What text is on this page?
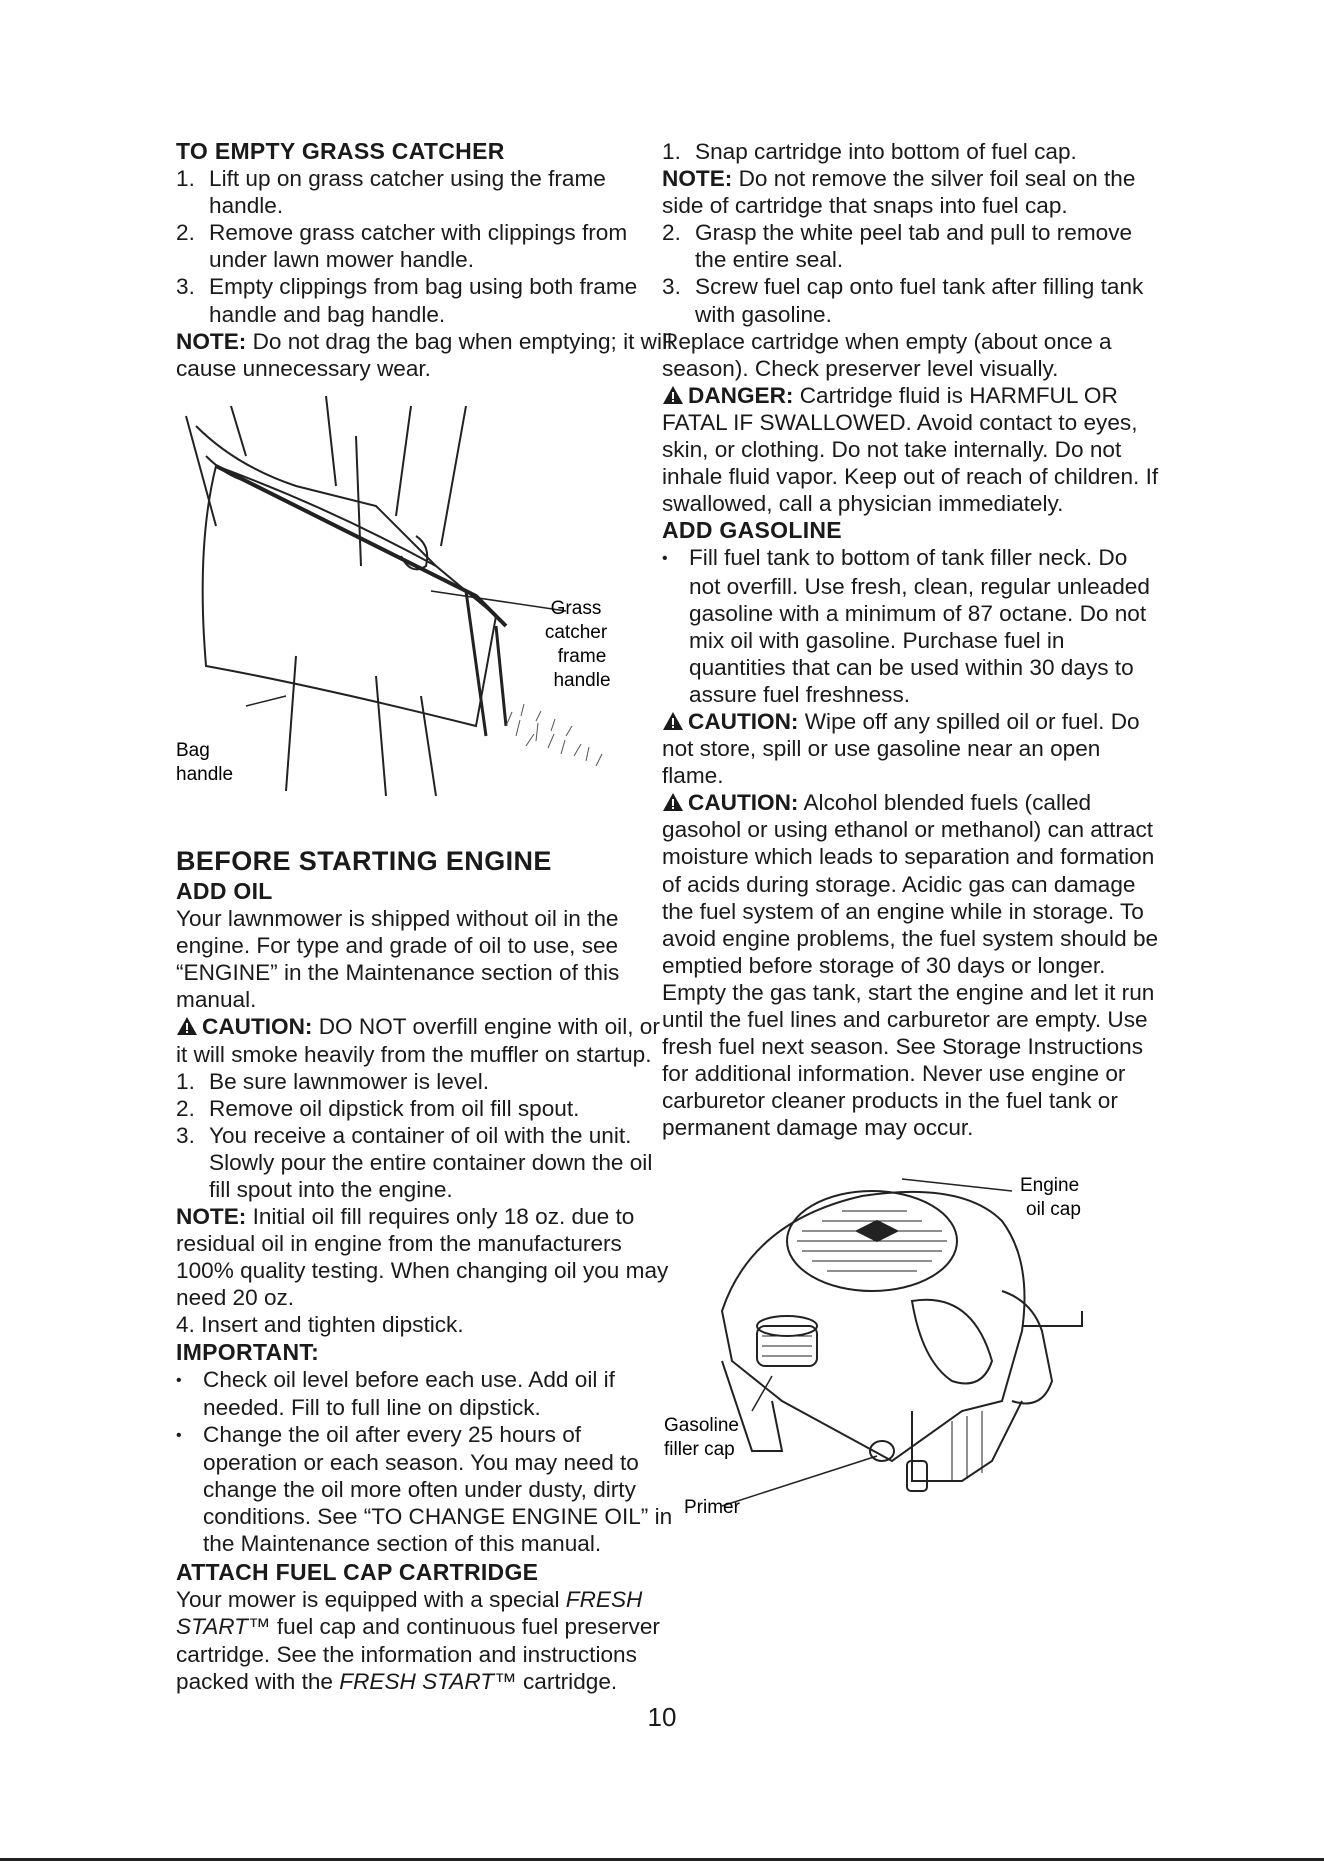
TO EMPTY GRASS CATCHER
1. Lift up on grass catcher using the frame handle.
2. Remove grass catcher with clippings from under lawn mower handle.
3. Empty clippings from bag using both frame handle and bag handle.

NOTE: Do not drag the bag when emptying; it will cause unnecessary wear.

Grass
catcher
frame
handle
Bag
handle
BEFORE STARTING ENGINE
ADD OIL

Your lawnmower is shipped without oil in the engine. For type and grade of oil to use, see “ENGINE” in the Maintenance section of this manual.

CAUTION: DO NOT overfill engine with oil, or it will smoke heavily from the muffler on startup.

1. Be sure lawnmower is level.
2. Remove oil dipstick from oil fill spout.
3. You receive a container of oil with the unit. Slowly pour the entire container down the oil fill spout into the engine.

NOTE: Initial oil fill requires only 18 oz. due to residual oil in engine from the manufacturers 100% quality testing. When changing oil you may need 20 oz.

4. Insert and tighten dipstick.

IMPORTANT:
• Check oil level before each use. Add oil if needed. Fill to full line on dipstick.
• Change the oil after every 25 hours of operation or each season. You may need to change the oil more often under dusty, dirty conditions. See “TO CHANGE ENGINE OIL” in the Maintenance section of this manual.
ATTACH FUEL CAP CARTRIDGE

Your mower is equipped with a special FRESH START™ fuel cap and continuous fuel preserver cartridge. See the information and instructions packed with the FRESH START™ cartridge.

1. Snap cartridge into bottom of fuel cap.

NOTE: Do not remove the silver foil seal on the side of cartridge that snaps into fuel cap.

2. Grasp the white peel tab and pull to remove the entire seal.
3. Screw fuel cap onto fuel tank after filling tank with gasoline.

Replace cartridge when empty (about once a season). Check preserver level visually.

DANGER: Cartridge fluid is HARMFUL OR FATAL IF SWALLOWED. Avoid contact to eyes, skin, or clothing. Do not take internally. Do not inhale fluid vapor. Keep out of reach of children. If swallowed, call a physician immediately.

ADD GASOLINE
• Fill fuel tank to bottom of tank filler neck. Do not overfill. Use fresh, clean, regular unleaded gasoline with a minimum of 87 octane. Do not mix oil with gasoline. Purchase fuel in quantities that can be used within 30 days to assure fuel freshness.

CAUTION: Wipe off any spilled oil or fuel. Do not store, spill or use gasoline near an open flame.

CAUTION: Alcohol blended fuels (called gasohol or using ethanol or methanol) can attract moisture which leads to separation and formation of acids during storage. Acidic gas can damage the fuel system of an engine while in storage. To avoid engine problems, the fuel system should be emptied before storage of 30 days or longer. Empty the gas tank, start the engine and let it run until the fuel lines and carburetor are empty. Use fresh fuel next season. See Storage Instructions for additional information. Never use engine or carburetor cleaner products in the fuel tank or permanent damage may occur.

Engine
oil cap
Gasoline
filler cap
Primer
10
